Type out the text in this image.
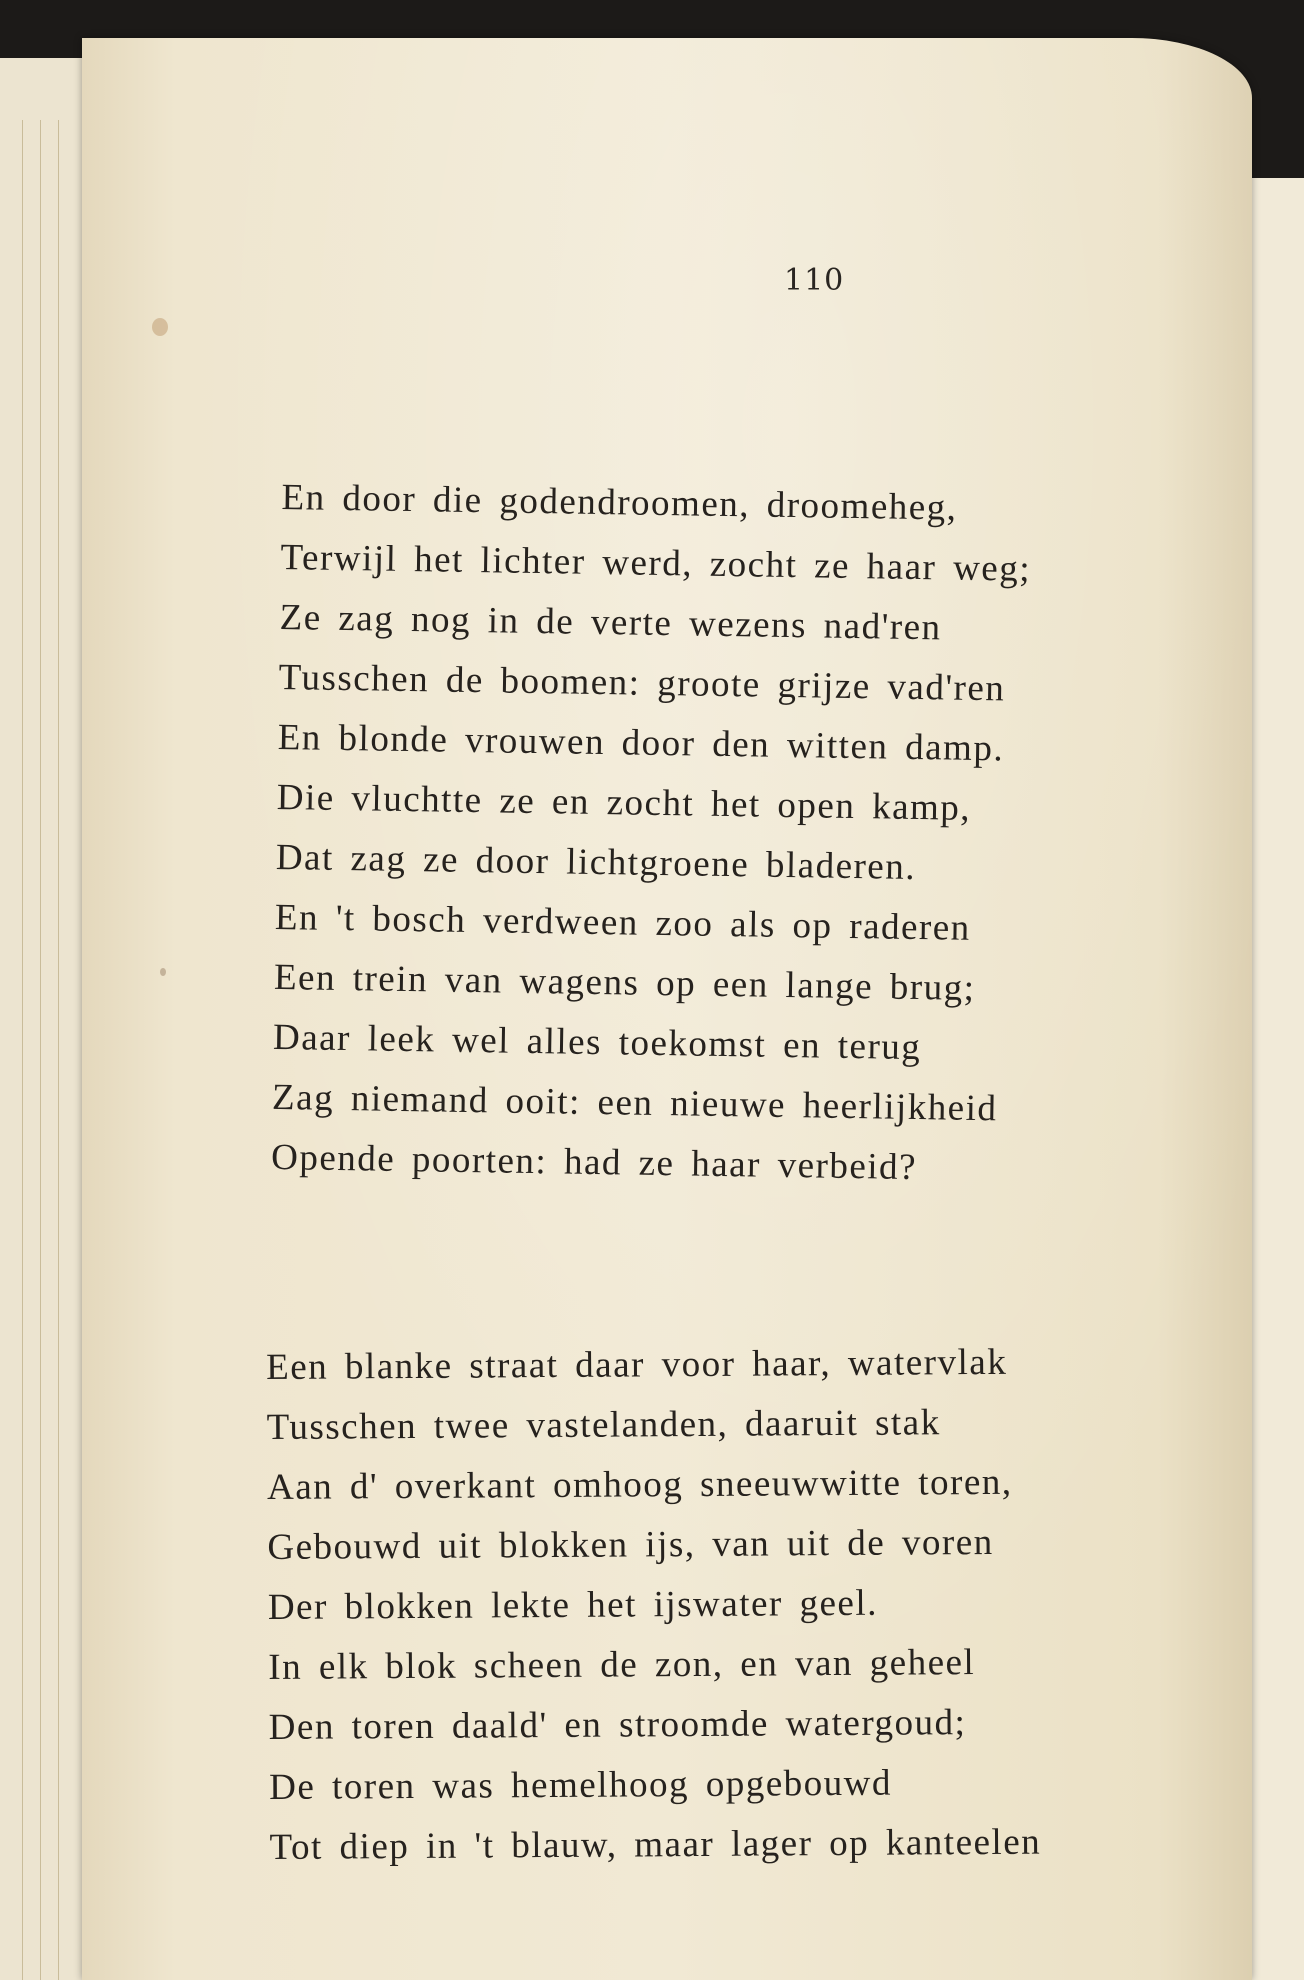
110
En door die godendroomen, droomeheg,
Terwijl het lichter werd, zocht ze haar weg;
Ze zag nog in de verte wezens nad'ren
Tusschen de boomen: groote grijze vad'ren
En blonde vrouwen door den witten damp.
Die vluchtte ze en zocht het open kamp,
Dat zag ze door lichtgroene bladeren.
En 't bosch verdween zoo als op raderen
Een trein van wagens op een lange brug;
Daar leek wel alles toekomst en terug
Zag niemand ooit: een nieuwe heerlijkheid
Opende poorten: had ze haar verbeid?
Een blanke straat daar voor haar, watervlak
Tusschen twee vastelanden, daaruit stak
Aan d' overkant omhoog sneeuwwitte toren,
Gebouwd uit blokken ijs, van uit de voren
Der blokken lekte het ijswater geel.
In elk blok scheen de zon, en van geheel
Den toren daald' en stroomde watergoud;
De toren was hemelhoog opgebouwd
Tot diep in 't blauw, maar lager op kanteelen
